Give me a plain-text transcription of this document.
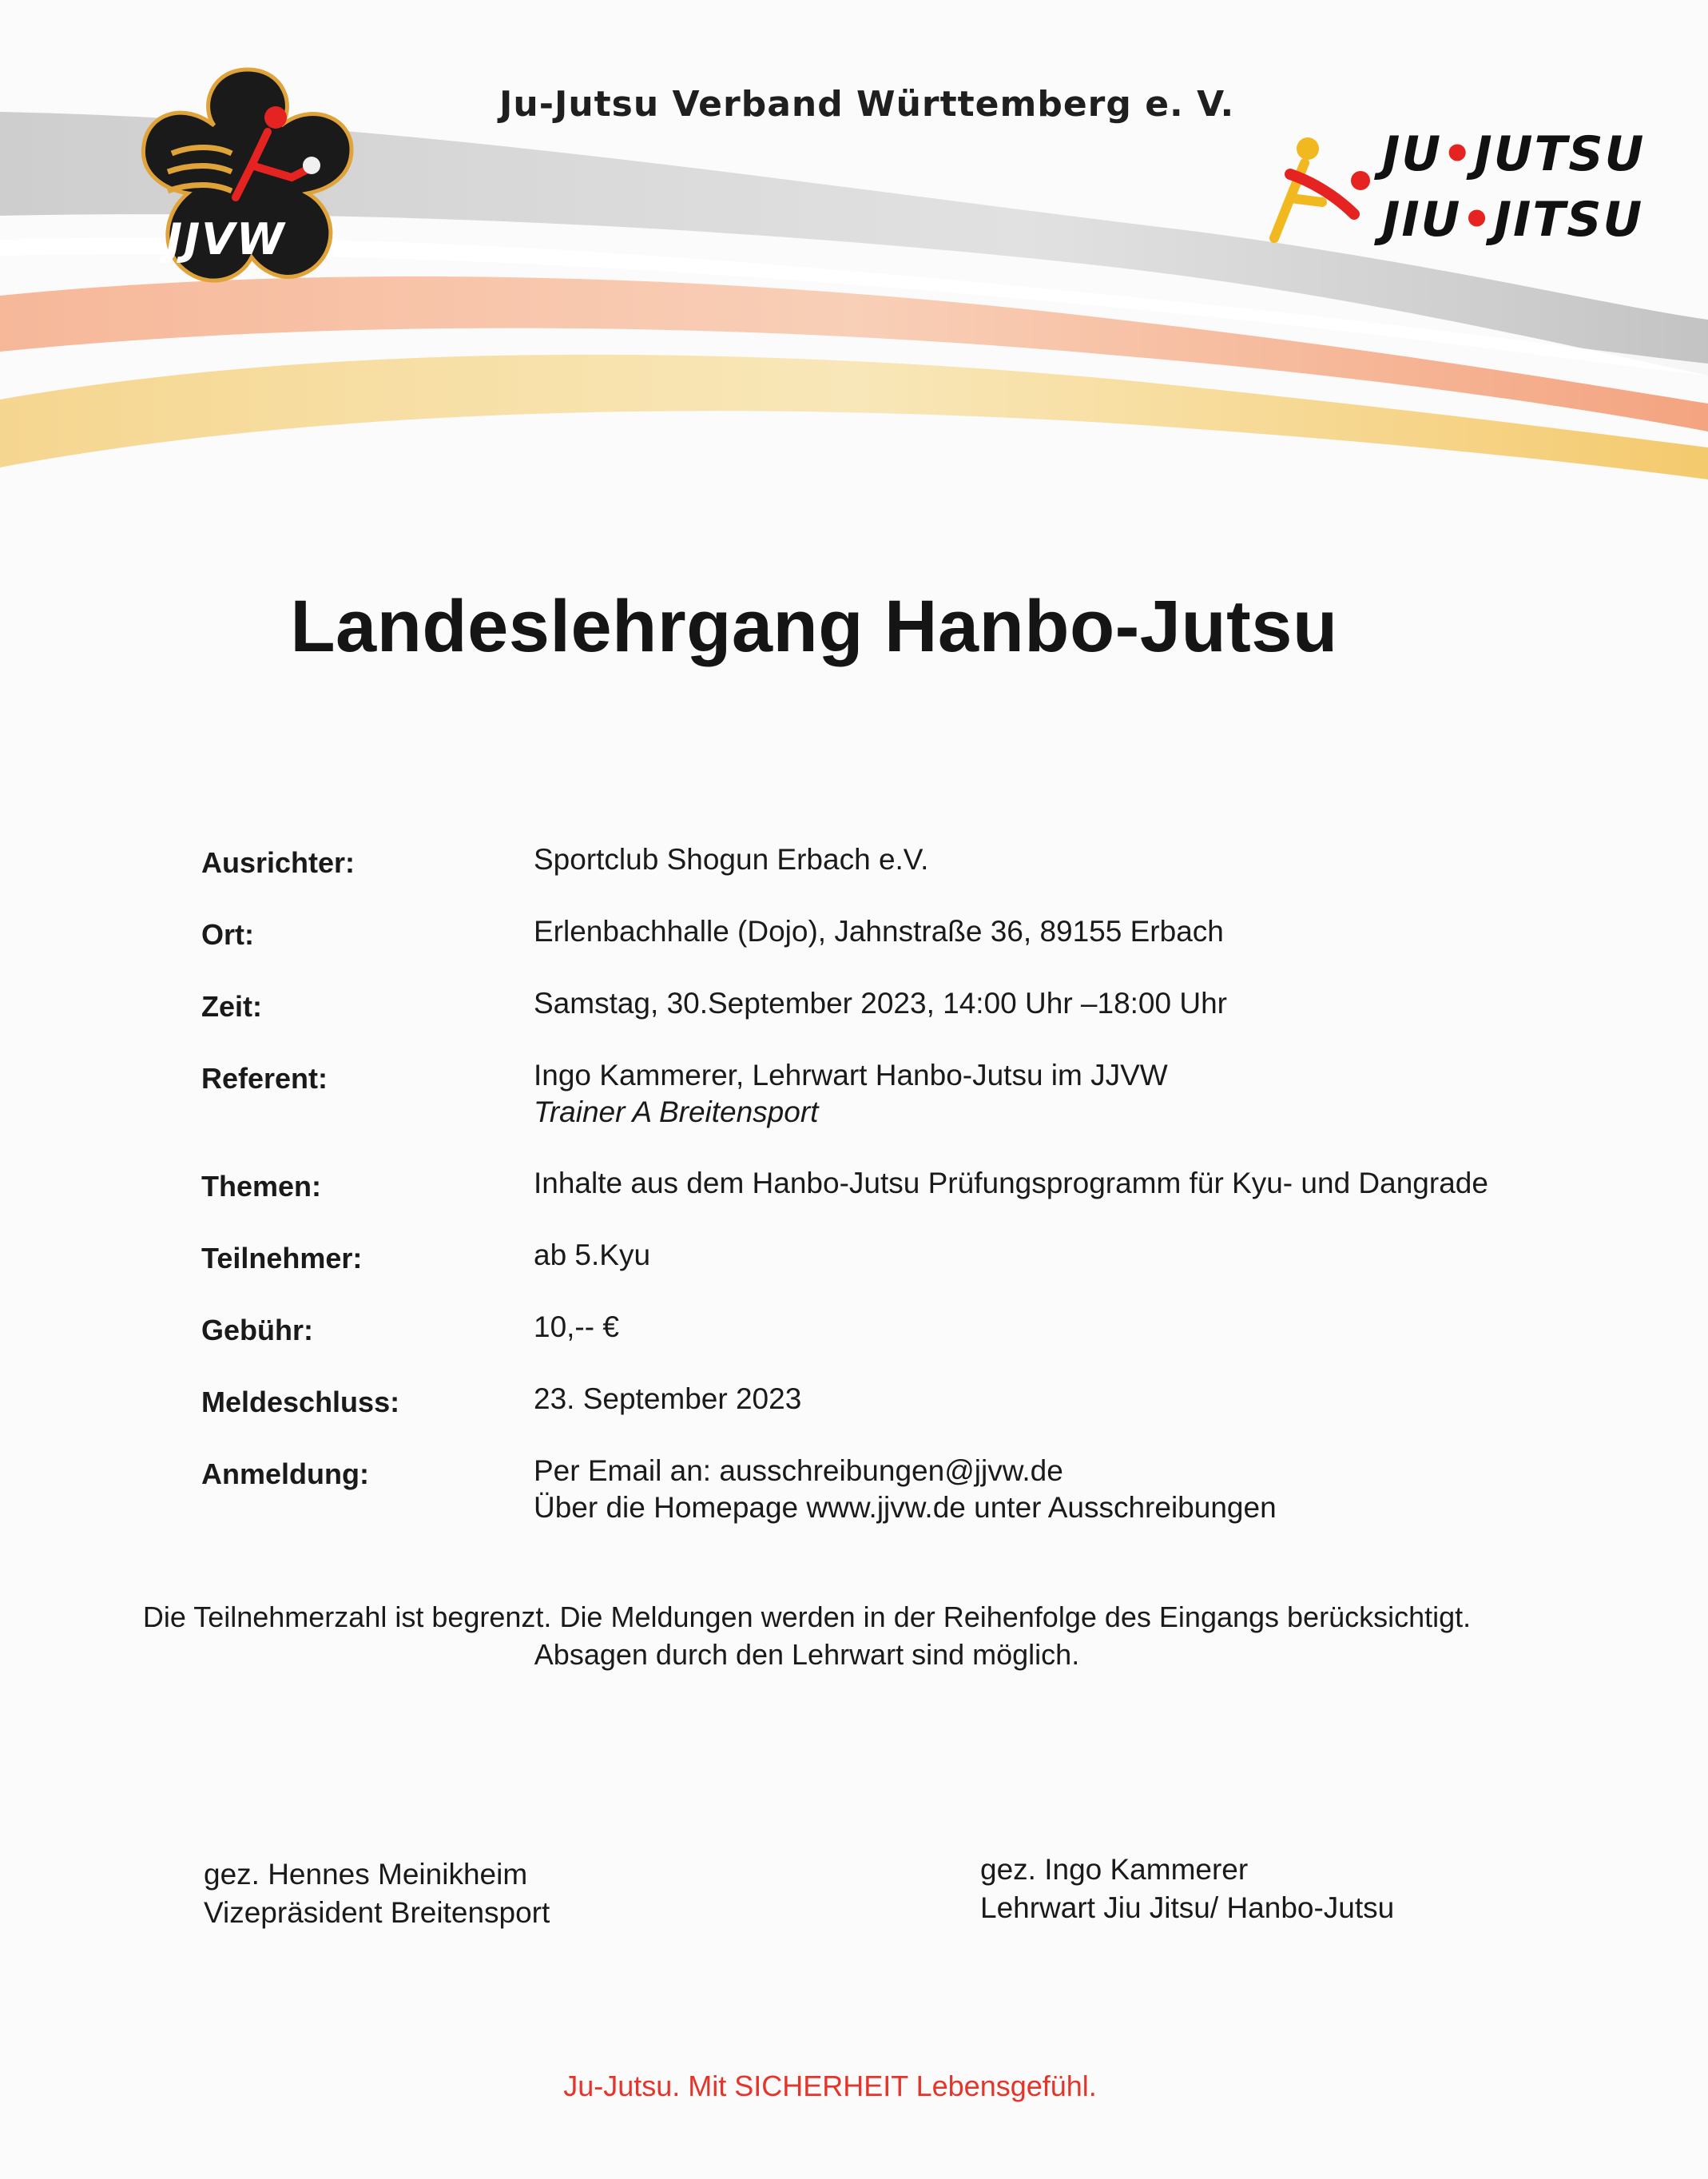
Ju-Jutsu Verband Württemberg e. V.
JJVW
JU•JUTSU
JIU•JITSU
Landeslehrgang Hanbo-Jutsu
Ausrichter:	Sportclub Shogun Erbach e.V.
Ort:	Erlenbachhalle (Dojo), Jahnstraße 36, 89155 Erbach
Zeit:	Samstag, 30.September 2023, 14:00 Uhr –18:00 Uhr
Referent:	Ingo Kammerer, Lehrwart Hanbo-Jutsu im JJVW
Trainer A Breitensport
Themen:	Inhalte aus dem Hanbo-Jutsu Prüfungsprogramm für Kyu- und Dangrade
Teilnehmer:	ab 5.Kyu
Gebühr:	10,-- €
Meldeschluss:	23. September 2023
Anmeldung:	Per Email an: ausschreibungen@jjvw.de
Über die Homepage www.jjvw.de unter Ausschreibungen
Die Teilnehmerzahl ist begrenzt. Die Meldungen werden in der Reihenfolge des Eingangs berücksichtigt.
Absagen durch den Lehrwart sind möglich.
gez. Hennes Meinikheim
Vizepräsident Breitensport
gez. Ingo Kammerer
Lehrwart Jiu Jitsu/ Hanbo-Jutsu
Ju-Jutsu. Mit SICHERHEIT Lebensgefühl.
